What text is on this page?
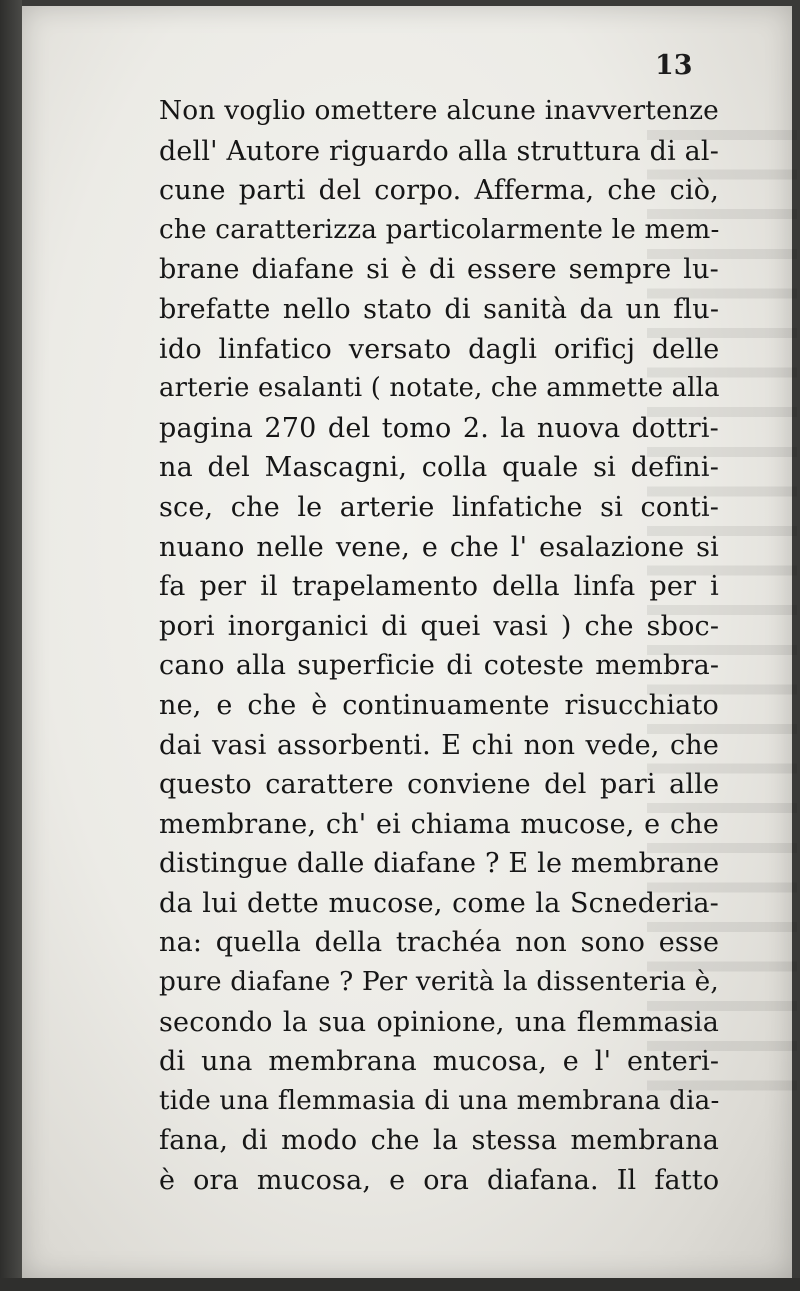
13

Non voglio omettere alcune inavvertenze
dell' Autore riguardo alla struttura di al-
cune parti del corpo. Afferma, che ciò,
che caratterizza particolarmente le mem-
brane diafane si è di essere sempre lu-
brefatte nello stato di sanità da un flu-
ido linfatico versato dagli orificj delle
arterie esalanti ( notate, che ammette alla
pagina 270 del tomo 2. la nuova dottri-
na del Mascagni, colla quale si defini-
sce, che le arterie linfatiche si conti-
nuano nelle vene, e che l' esalazione si
fa per il trapelamento della linfa per i
pori inorganici di quei vasi ) che sboc-
cano alla superficie di coteste membra-
ne, e che è continuamente risucchiato
dai vasi assorbenti. E chi non vede, che
questo carattere conviene del pari alle
membrane, ch' ei chiama mucose, e che
distingue dalle diafane ? E le membrane
da lui dette mucose, come la Scnederia-
na: quella della trachéa non sono esse
pure diafane ? Per verità la dissenteria è,
secondo la sua opinione, una flemmasia
di una membrana mucosa, e l' enteri-
tide una flemmasia di una membrana dia-
fana, di modo che la stessa membrana
è ora mucosa, e ora diafana. Il fatto
